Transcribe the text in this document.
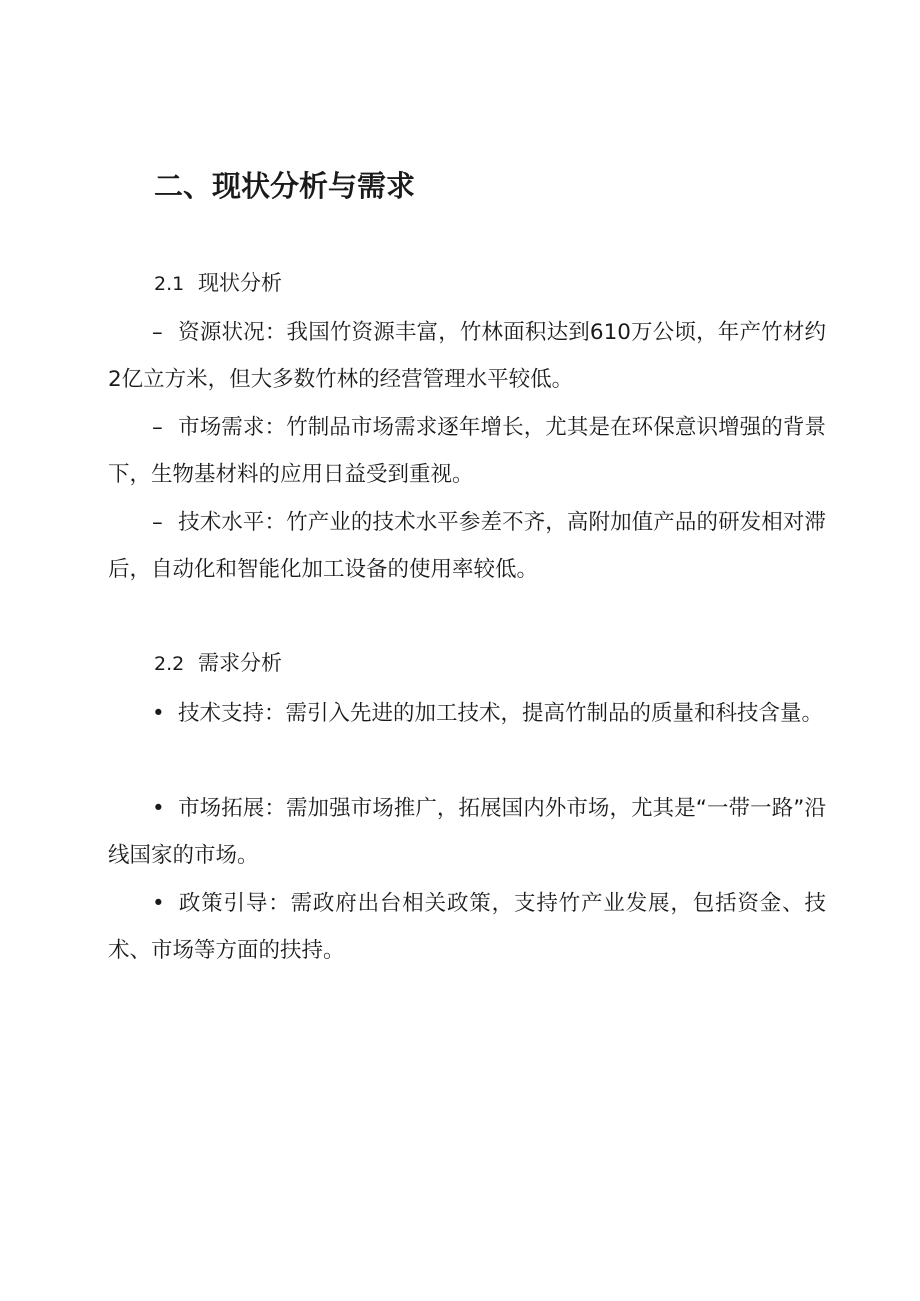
二、现状分析与需求
2.1 现状分析
– 资源状况：我国竹资源丰富，竹林面积达到610万公顷，年产竹材约2亿立方米，但大多数竹林的经营管理水平较低。
– 市场需求：竹制品市场需求逐年增长，尤其是在环保意识增强的背景下，生物基材料的应用日益受到重视。
– 技术水平：竹产业的技术水平参差不齐，高附加值产品的研发相对滞后，自动化和智能化加工设备的使用率较低。
2.2 需求分析
• 技术支持：需引入先进的加工技术，提高竹制品的质量和科技含量。
• 市场拓展：需加强市场推广，拓展国内外市场，尤其是“一带一路”沿线国家的市场。
• 政策引导：需政府出台相关政策，支持竹产业发展，包括资金、技术、市场等方面的扶持。
